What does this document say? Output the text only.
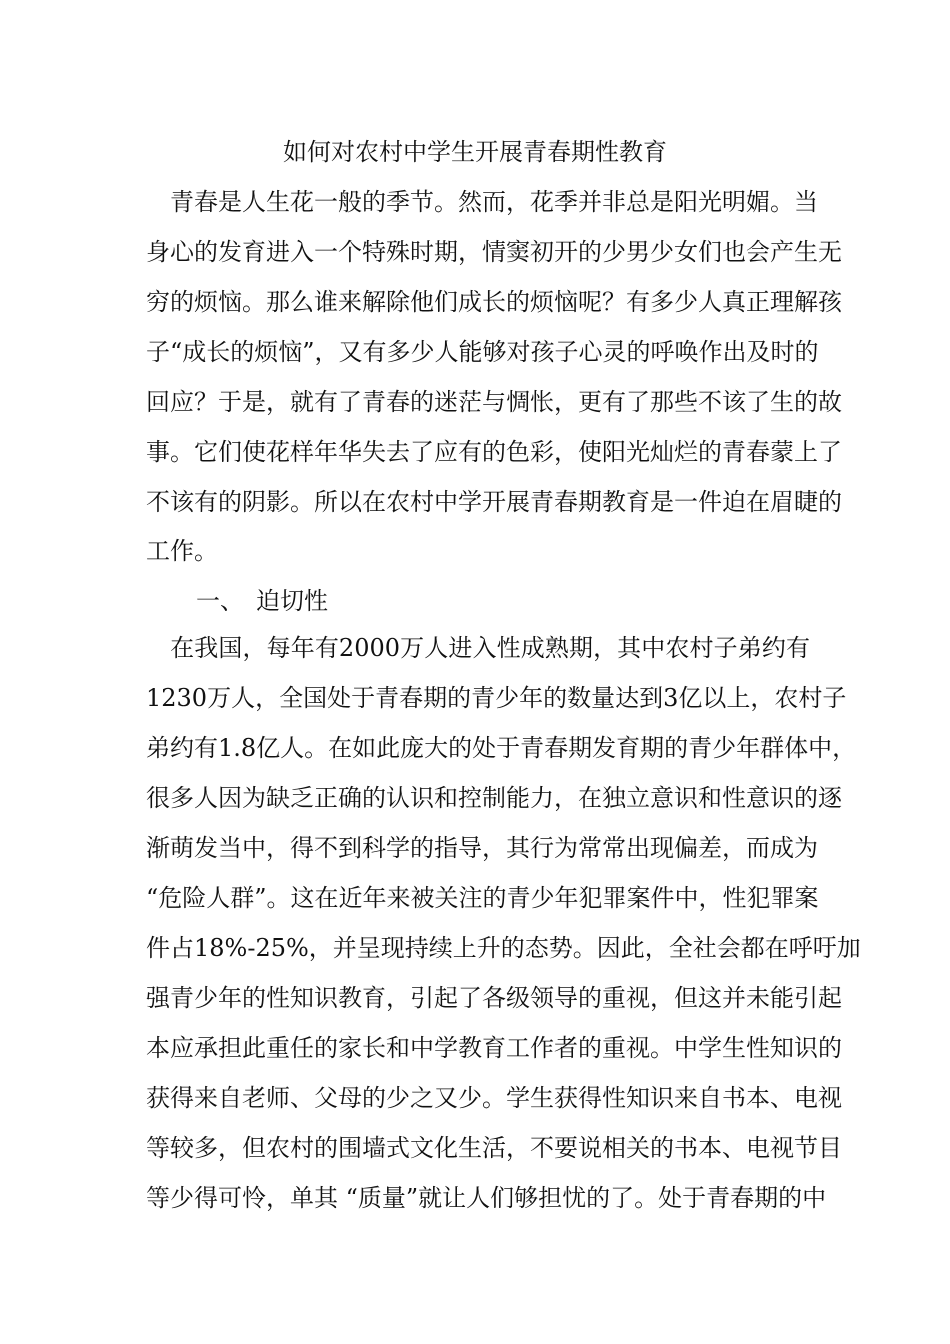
如何对农村中学生开展青春期性教育
　青春是人生花一般的季节。然而，花季并非总是阳光明媚。当
身心的发育进入一个特殊时期，情窦初开的少男少女们也会产生无
穷的烦恼。那么谁来解除他们成长的烦恼呢？有多少人真正理解孩
子“成长的烦恼”，又有多少人能够对孩子心灵的呼唤作出及时的
回应？于是，就有了青春的迷茫与惆怅，更有了那些不该了生的故
事。它们使花样年华失去了应有的色彩，使阳光灿烂的青春蒙上了
不该有的阴影。所以在农村中学开展青春期教育是一件迫在眉睫的
工作。
一、 迫切性
　在我国，每年有2000万人进入性成熟期，其中农村子弟约有
1230万人，全国处于青春期的青少年的数量达到3亿以上，农村子
弟约有1.8亿人。在如此庞大的处于青春期发育期的青少年群体中，
很多人因为缺乏正确的认识和控制能力，在独立意识和性意识的逐
渐萌发当中，得不到科学的指导，其行为常常出现偏差，而成为
“危险人群”。这在近年来被关注的青少年犯罪案件中，性犯罪案
件占18%-25%，并呈现持续上升的态势。因此，全社会都在呼吁加
强青少年的性知识教育，引起了各级领导的重视，但这并未能引起
本应承担此重任的家长和中学教育工作者的重视。中学生性知识的
获得来自老师、父母的少之又少。学生获得性知识来自书本、电视
等较多，但农村的围墙式文化生活，不要说相关的书本、电视节目
等少得可怜，单其 “质量”就让人们够担忧的了。处于青春期的中
